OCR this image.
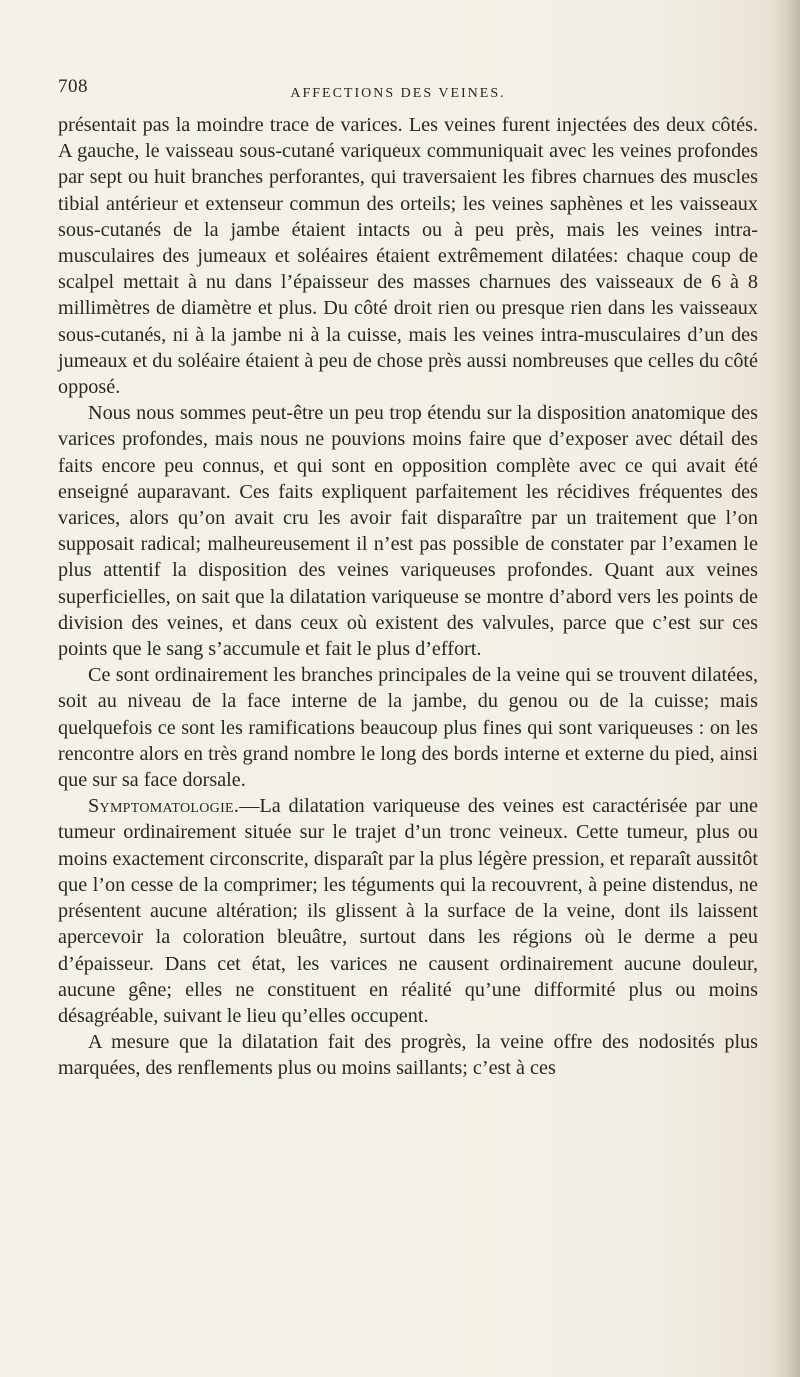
708	AFFECTIONS DES VEINES.

présentait pas la moindre trace de varices. Les veines furent injectées des deux côtés. A gauche, le vaisseau sous-cutané variqueux communiquait avec les veines profondes par sept ou huit branches perforantes, qui traversaient les fibres charnues des muscles tibial antérieur et extenseur commun des orteils; les veines saphènes et les vaisseaux sous-cutanés de la jambe étaient intacts ou à peu près, mais les veines intra-musculaires des jumeaux et soléaires étaient extrêmement dilatées: chaque coup de scalpel mettait à nu dans l’épaisseur des masses charnues des vaisseaux de 6 à 8 millimètres de diamètre et plus. Du côté droit rien ou presque rien dans les vaisseaux sous-cutanés, ni à la jambe ni à la cuisse, mais les veines intra-musculaires d’un des jumeaux et du soléaire étaient à peu de chose près aussi nombreuses que celles du côté opposé.

Nous nous sommes peut-être un peu trop étendu sur la disposition anatomique des varices profondes, mais nous ne pouvions moins faire que d’exposer avec détail des faits encore peu connus, et qui sont en opposition complète avec ce qui avait été enseigné auparavant. Ces faits expliquent parfaitement les récidives fréquentes des varices, alors qu’on avait cru les avoir fait disparaître par un traitement que l’on supposait radical; malheureusement il n’est pas possible de constater par l’examen le plus attentif la disposition des veines variqueuses profondes. Quant aux veines superficielles, on sait que la dilatation variqueuse se montre d’abord vers les points de division des veines, et dans ceux où existent des valvules, parce que c’est sur ces points que le sang s’accumule et fait le plus d’effort.

Ce sont ordinairement les branches principales de la veine qui se trouvent dilatées, soit au niveau de la face interne de la jambe, du genou ou de la cuisse; mais quelquefois ce sont les ramifications beaucoup plus fines qui sont variqueuses : on les rencontre alors en très grand nombre le long des bords interne et externe du pied, ainsi que sur sa face dorsale.

Symptomatologie.—La dilatation variqueuse des veines est caractérisée par une tumeur ordinairement située sur le trajet d’un tronc veineux. Cette tumeur, plus ou moins exactement circonscrite, disparaît par la plus légère pression, et reparaît aussitôt que l’on cesse de la comprimer; les téguments qui la recouvrent, à peine distendus, ne présentent aucune altération; ils glissent à la surface de la veine, dont ils laissent apercevoir la coloration bleuâtre, surtout dans les régions où le derme a peu d’épaisseur. Dans cet état, les varices ne causent ordinairement aucune douleur, aucune gêne; elles ne constituent en réalité qu’une difformité plus ou moins désagréable, suivant le lieu qu’elles occupent.

A mesure que la dilatation fait des progrès, la veine offre des nodosités plus marquées, des renflements plus ou moins saillants; c’est à ces
